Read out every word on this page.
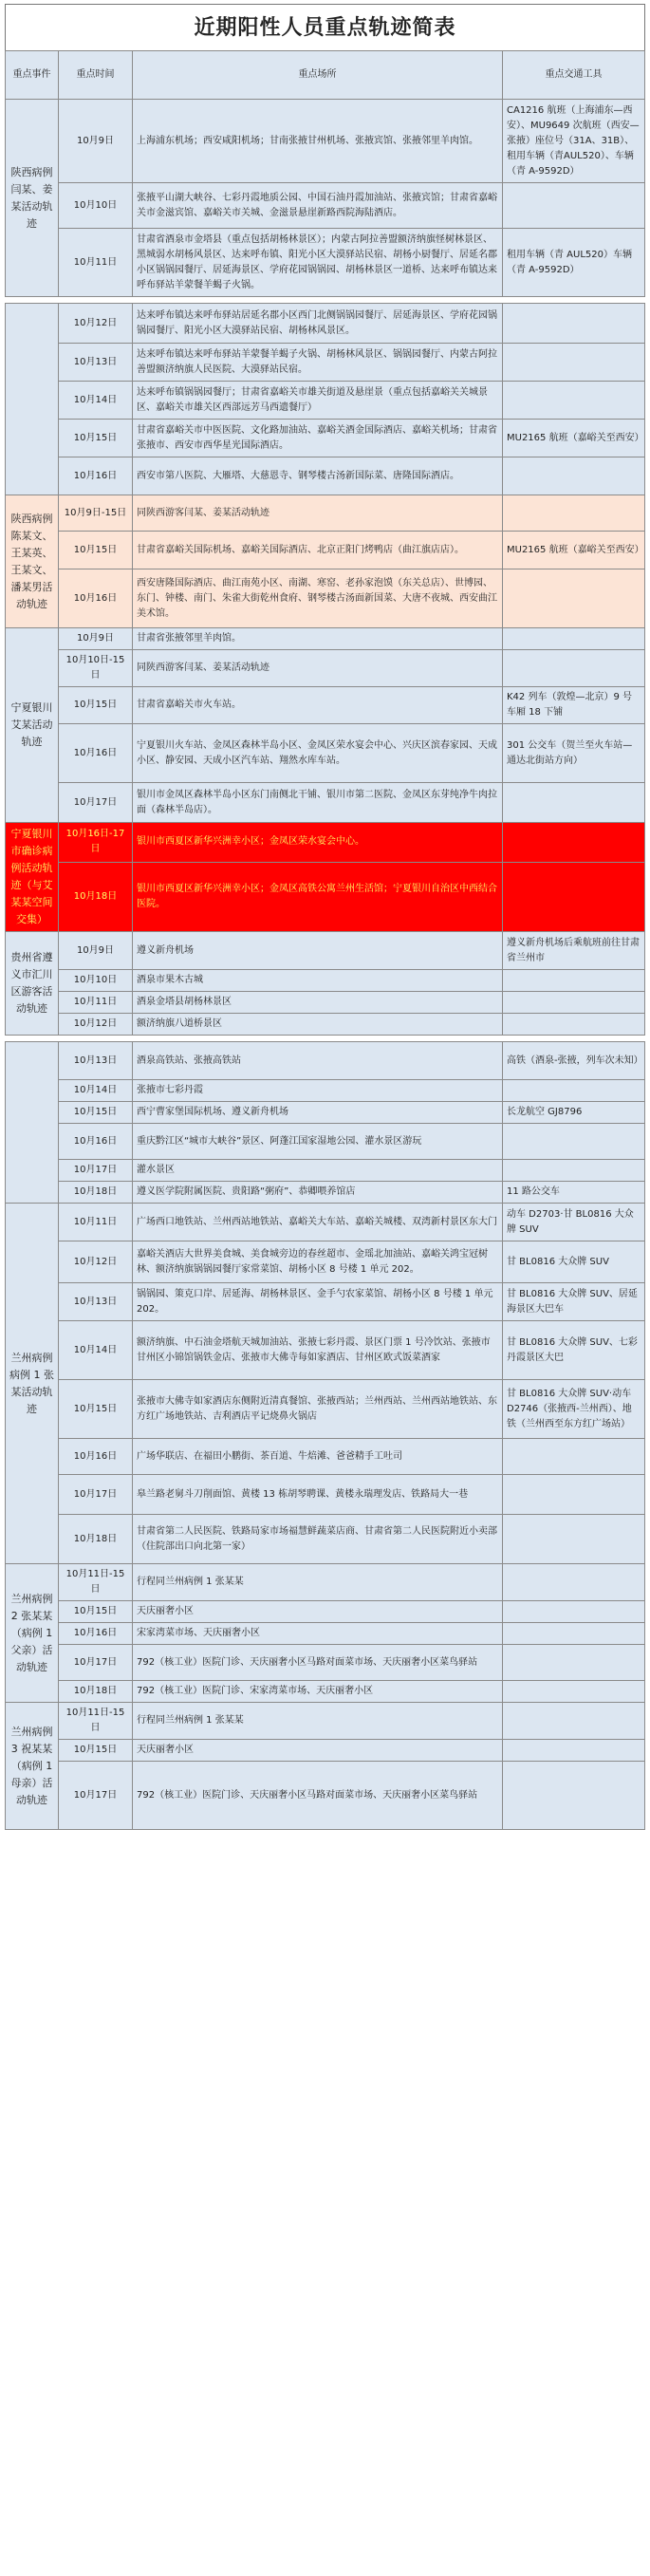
近期阳性人员重点轨迹简表
重点事件	重点时间	重点场所	重点交通工具
陕西病例闫某、姜某活动轨迹	10月9日	上海浦东机场；西安咸阳机场；甘南张掖甘州机场、张掖宾馆、张掖邻里羊肉馆。	CA1216 航班（上海浦东—西安）、MU9649 次航班（西安—张掖）座位号（31A、31B）、租用车辆（青AUL520）、车辆（青 A-9592D）
	10月10日	张掖平山湖大峡谷、七彩丹霞地质公园、中国石油丹霞加油站、张掖宾馆；甘肃省嘉峪关市金滋宾馆、嘉峪关市关城、金滋景悬崖新路西院海陆酒店。	
	10月11日	甘肃省酒泉市金塔县（重点包括胡杨林景区）；内蒙古阿拉善盟额济纳旗怪树林景区、黑城弱水胡杨风景区、达来呼布镇、阳光小区大漠驿站民宿、胡杨小厨餐厅、居延名郡小区锅锅园餐厅、居延海景区、学府花园锅锅园、胡杨林景区一道桥、达来呼布镇达来呼布驿站羊蒙餐羊蝎子火锅。	租用车辆（青 AUL520）车辆（青 A-9592D）

	10月12日	达来呼布镇达来呼布驿站居延名郡小区西门北侧锅锅园餐厅、居延海景区、学府花园锅锅园餐厅、阳光小区大漠驿站民宿、胡杨林风景区。	
	10月13日	达来呼布镇达来呼布驿站羊蒙餐羊蝎子火锅、胡杨林风景区、锅锅园餐厅、内蒙古阿拉善盟额济纳旗人民医院、大漠驿站民宿。	
	10月14日	达来呼布镇锅锅园餐厅；甘肃省嘉峪关市雄关街道及悬崖景（重点包括嘉峪关关城景区、嘉峪关市雄关区西部远芳马西遗餐厅）	
	10月15日	甘肃省嘉峪关市中医医院、文化路加油站、嘉峪关酒金国际酒店、嘉峪关机场；甘肃省张掖市、西安市西华星光国际酒店。	MU2165 航班（嘉峪关至西安）
	10月16日	西安市第八医院、大雁塔、大慈恩寺、钢琴楼古汤新国际菜、唐隆国际酒店。	
陕西病例陈某文、王某英、王某文、潘某男活动轨迹	10月9日-15日	同陕西游客闫某、姜某活动轨迹	
	10月15日	甘肃省嘉峪关国际机场、嘉峪关国际酒店、北京正阳门烤鸭店（曲江旗店店）。	MU2165 航班（嘉峪关至西安）
	10月16日	西安唐隆国际酒店、曲江南苑小区、南湖、寒窑、老孙家泡馍（东关总店）、世博园、东门、钟楼、南门、朱雀大街乾州食府、钢琴楼古汤面新国菜、大唐不夜城、西安曲江美术馆。	
宁夏银川艾某活动轨迹	10月9日	甘肃省张掖邻里羊肉馆。	
	10月10日-15日	同陕西游客闫某、姜某活动轨迹	
	10月15日	甘肃省嘉峪关市火车站。	K42 列车（敦煌—北京）9 号车厢 18 下铺
	10月16日	宁夏银川火车站、金凤区森林半岛小区、金凤区荣水宴会中心、兴庆区滨春家园、天成小区、静安园、天成小区汽车站、翔然水库车站。	301 公交车（贺兰至火车站—通达北街站方向）
	10月17日	银川市金凤区森林半岛小区东门南侧北干铺、银川市第二医院、金凤区东芽纯净牛肉拉面（森林半岛店）。	
宁夏银川市确诊病例活动轨迹（与艾某某空间交集）	10月16日-17日	银川市西夏区新华兴洲幸小区；金凤区荣水宴会中心。	
	10月18日	银川市西夏区新华兴洲幸小区；金凤区高铁公寓兰州生活馆；宁夏银川自治区中西结合医院。	
贵州省遵义市汇川区游客活动轨迹	10月9日	遵义新舟机场	遵义新舟机场后乘航班前往甘肃省兰州市
	10月10日	酒泉市果木古城	
	10月11日	酒泉金塔县胡杨林景区	
	10月12日	额济纳旗八道桥景区	

	10月13日	酒泉高铁站、张掖高铁站	高铁（酒泉-张掖，列车次未知）
	10月14日	张掖市七彩丹霞	
	10月15日	西宁曹家堡国际机场、遵义新舟机场	长龙航空 GJ8796
	10月16日	重庆黔江区“城市大峡谷”景区、阿蓬江国家湿地公园、灌水景区游玩	
	10月17日	灌水景区	
	10月18日	遵义医学院附属医院、贵阳路“粥府”、恭卿喂养馆店	11 路公交车
兰州病例病例 1 张某活动轨迹	10月11日	广场西口地铁站、兰州西站地铁站、嘉峪关大车站、嘉峪关城楼、双湾新村景区东大门	动车 D2703·甘 BL0816 大众牌 SUV
	10月12日	嘉峪关酒店大世界美食城、美食城旁边的春丝超市、金瑶北加油站、嘉峪关鸿宝冠树林、额济纳旗锅锅园餐厅家常菜馆、胡杨小区 8 号楼 1 单元 202。	甘 BL0816 大众牌 SUV
	10月13日	锅锅园、策克口岸、居延海、胡杨林景区、金手勺农家菜馆、胡杨小区 8 号楼 1 单元 202。	甘 BL0816 大众牌 SUV、居延海景区大巴车
	10月14日	额济纳旗、中石油金塔航天城加油站、张掖七彩丹霞、景区门票 1 号冷饮站、张掖市甘州区小锦馆锅铁金店、张掖市大佛寺每如家酒店、甘州区欧式饭菜酒家	甘 BL0816 大众牌 SUV、七彩丹霞景区大巴
	10月15日	张掖市大佛寺如家酒店东侧附近清真餐馆、张掖西站；兰州西站、兰州西站地铁站、东方红广场地铁站、吉利酒店平记烧鼻火锅店	甘 BL0816 大众牌 SUV·动车 D2746（张掖西-兰州西）、地铁（兰州西至东方红广场站）
	10月16日	广场华联店、在福田小鹏街、茶百道、牛焙滩、爸爸精手工吐司	
	10月17日	皋兰路老舅斗刀削面馆、黄楼 13 栋胡琴聘课、黄楼永瑞理发店、铁路局大一巷	
	10月18日	甘肃省第二人民医院、铁路局家市场福慧鲜蔬菜店商、甘肃省第二人民医院附近小卖部（住院部出口向北第一家）	
兰州病例 2 张某某（病例 1 父亲）活动轨迹	10月11日-15日	行程同兰州病例 1 张某某	
	10月15日	天庆丽奢小区	
	10月16日	宋家湾菜市场、天庆丽奢小区	
	10月17日	792（核工业）医院门诊、天庆丽奢小区马路对面菜市场、天庆丽奢小区菜鸟驿站	
	10月18日	792（核工业）医院门诊、宋家湾菜市场、天庆丽奢小区	
兰州病例 3 祝某某（病例 1 母亲）活动轨迹	10月11日-15日	行程同兰州病例 1 张某某	
	10月15日	天庆丽奢小区	
	10月17日	792（核工业）医院门诊、天庆丽奢小区马路对面菜市场、天庆丽奢小区菜鸟驿站	
